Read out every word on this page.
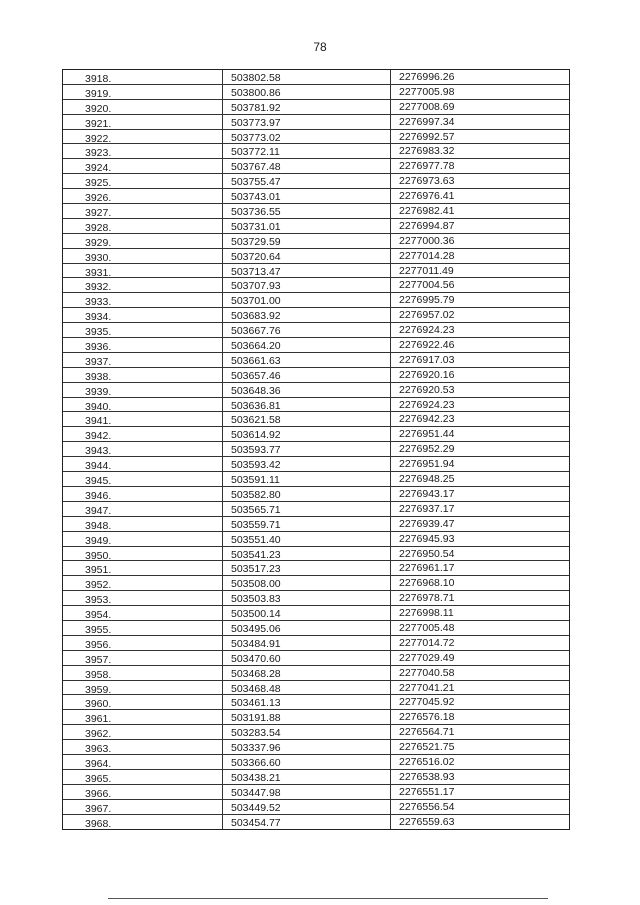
78
3918.	503802.58	2276996.26
3919.	503800.86	2277005.98
3920.	503781.92	2277008.69
3921.	503773.97	2276997.34
3922.	503773.02	2276992.57
3923.	503772.11	2276983.32
3924.	503767.48	2276977.78
3925.	503755.47	2276973.63
3926.	503743.01	2276976.41
3927.	503736.55	2276982.41
3928.	503731.01	2276994.87
3929.	503729.59	2277000.36
3930.	503720.64	2277014.28
3931.	503713.47	2277011.49
3932.	503707.93	2277004.56
3933.	503701.00	2276995.79
3934.	503683.92	2276957.02
3935.	503667.76	2276924.23
3936.	503664.20	2276922.46
3937.	503661.63	2276917.03
3938.	503657.46	2276920.16
3939.	503648.36	2276920.53
3940.	503636.81	2276924.23
3941.	503621.58	2276942.23
3942.	503614.92	2276951.44
3943.	503593.77	2276952.29
3944.	503593.42	2276951.94
3945.	503591.11	2276948.25
3946.	503582.80	2276943.17
3947.	503565.71	2276937.17
3948.	503559.71	2276939.47
3949.	503551.40	2276945.93
3950.	503541.23	2276950.54
3951.	503517.23	2276961.17
3952.	503508.00	2276968.10
3953.	503503.83	2276978.71
3954.	503500.14	2276998.11
3955.	503495.06	2277005.48
3956.	503484.91	2277014.72
3957.	503470.60	2277029.49
3958.	503468.28	2277040.58
3959.	503468.48	2277041.21
3960.	503461.13	2277045.92
3961.	503191.88	2276576.18
3962.	503283.54	2276564.71
3963.	503337.96	2276521.75
3964.	503366.60	2276516.02
3965.	503438.21	2276538.93
3966.	503447.98	2276551.17
3967.	503449.52	2276556.54
3968.	503454.77	2276559.63
